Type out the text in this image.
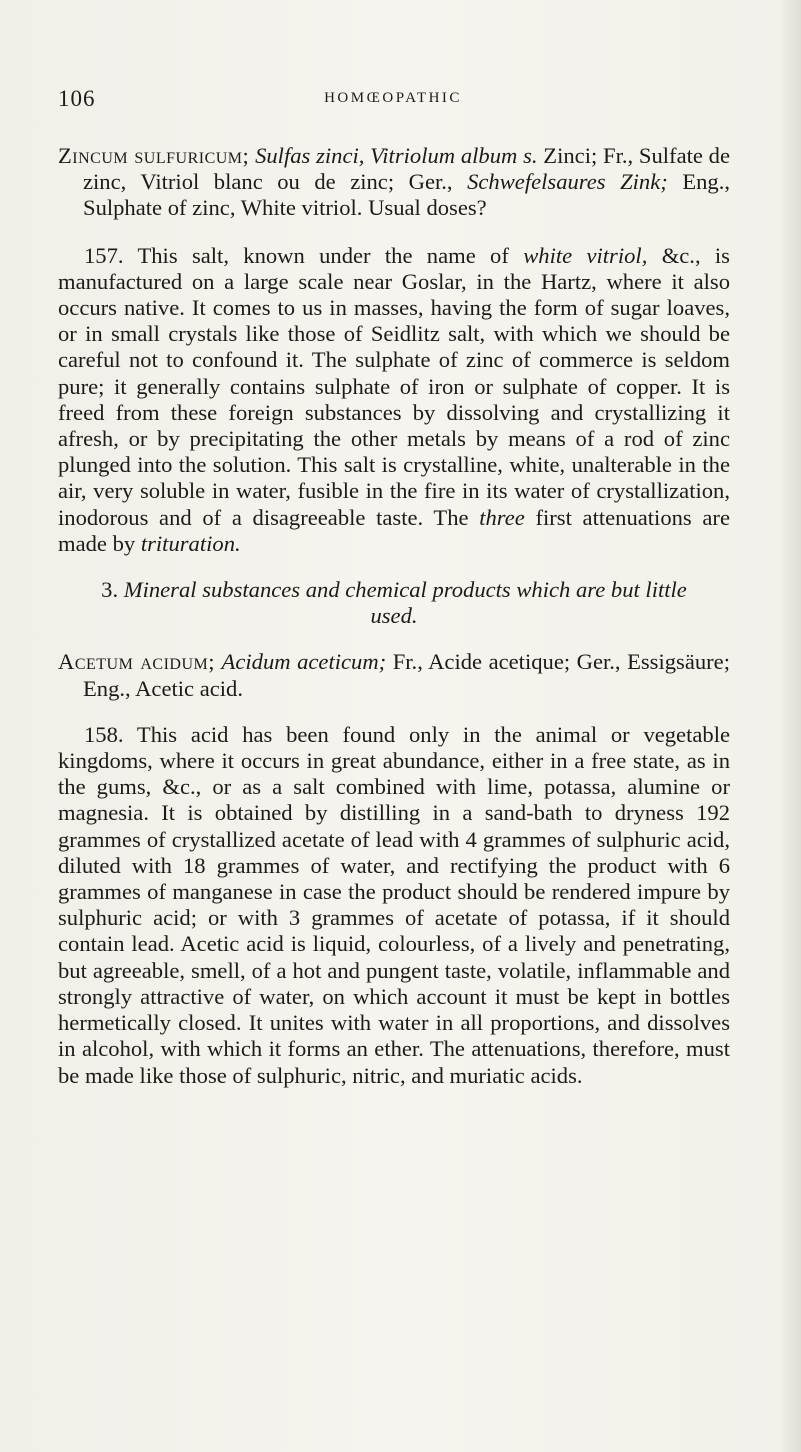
106	HOMŒOPATHIC

Zincum sulfuricum; Sulfas zinci, Vitriolum album s. Zinci; Fr., Sulfate de zinc, Vitriol blanc ou de zinc; Ger., Schwefelsaures Zink; Eng., Sulphate of zinc, White vitriol. Usual doses?

157. This salt, known under the name of white vitriol, &c., is manufactured on a large scale near Goslar, in the Hartz, where it also occurs native. It comes to us in masses, having the form of sugar loaves, or in small crystals like those of Seidlitz salt, with which we should be careful not to confound it. The sulphate of zinc of commerce is seldom pure; it generally contains sulphate of iron or sulphate of copper. It is freed from these foreign substances by dissolving and crystallizing it afresh, or by precipitating the other metals by means of a rod of zinc plunged into the solution. This salt is crystalline, white, unalterable in the air, very soluble in water, fusible in the fire in its water of crystallization, inodorous and of a disagreeable taste. The three first attenuations are made by trituration.

3. Mineral substances and chemical products which are but little used.

Acetum acidum; Acidum aceticum; Fr., Acide acetique; Ger., Essigsäure; Eng., Acetic acid.

158. This acid has been found only in the animal or vegetable kingdoms, where it occurs in great abundance, either in a free state, as in the gums, &c., or as a salt combined with lime, potassa, alumine or magnesia. It is obtained by distilling in a sand-bath to dryness 192 grammes of crystallized acetate of lead with 4 grammes of sulphuric acid, diluted with 18 grammes of water, and rectifying the product with 6 grammes of manganese in case the product should be rendered impure by sulphuric acid; or with 3 grammes of acetate of potassa, if it should contain lead. Acetic acid is liquid, colourless, of a lively and penetrating, but agreeable, smell, of a hot and pungent taste, volatile, inflammable and strongly attractive of water, on which account it must be kept in bottles hermetically closed. It unites with water in all proportions, and dissolves in alcohol, with which it forms an ether. The attenuations, therefore, must be made like those of sulphuric, nitric, and muriatic acids.
